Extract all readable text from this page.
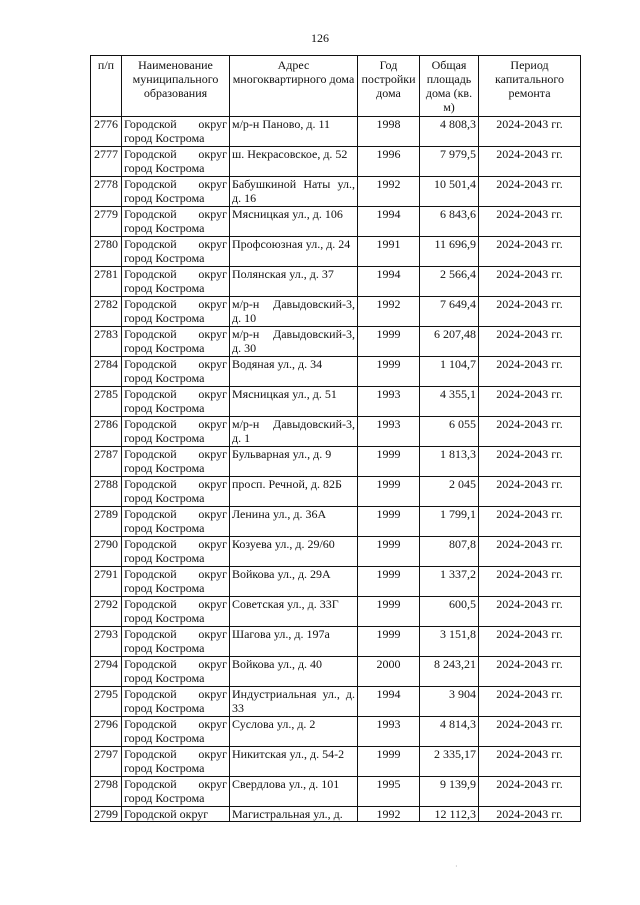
126
п/п	Наименование муниципального образования	Адрес многоквартирного дома	Год постройки дома	Общая площадь дома (кв. м)	Период капитального ремонта
2776	Городской округ город Кострома	м/р-н Паново, д. 11	1998	4 808,3	2024-2043 гг.
2777	Городской округ город Кострома	ш. Некрасовское, д. 52	1996	7 979,5	2024-2043 гг.
2778	Городской округ город Кострома	Бабушкиной Наты ул., д. 16	1992	10 501,4	2024-2043 гг.
2779	Городской округ город Кострома	Мясницкая ул., д. 106	1994	6 843,6	2024-2043 гг.
2780	Городской округ город Кострома	Профсоюзная ул., д. 24	1991	11 696,9	2024-2043 гг.
2781	Городской округ город Кострома	Полянская ул., д. 37	1994	2 566,4	2024-2043 гг.
2782	Городской округ город Кострома	м/р-н Давыдовский-3, д. 10	1992	7 649,4	2024-2043 гг.
2783	Городской округ город Кострома	м/р-н Давыдовский-3, д. 30	1999	6 207,48	2024-2043 гг.
2784	Городской округ город Кострома	Водяная ул., д. 34	1999	1 104,7	2024-2043 гг.
2785	Городской округ город Кострома	Мясницкая ул., д. 51	1993	4 355,1	2024-2043 гг.
2786	Городской округ город Кострома	м/р-н Давыдовский-3, д. 1	1993	6 055	2024-2043 гг.
2787	Городской округ город Кострома	Бульварная ул., д. 9	1999	1 813,3	2024-2043 гг.
2788	Городской округ город Кострома	просп. Речной, д. 82Б	1999	2 045	2024-2043 гг.
2789	Городской округ город Кострома	Ленина ул., д. 36А	1999	1 799,1	2024-2043 гг.
2790	Городской округ город Кострома	Козуева ул., д. 29/60	1999	807,8	2024-2043 гг.
2791	Городской округ город Кострома	Войкова ул., д. 29А	1999	1 337,2	2024-2043 гг.
2792	Городской округ город Кострома	Советская ул., д. 33Г	1999	600,5	2024-2043 гг.
2793	Городской округ город Кострома	Шагова ул., д. 197а	1999	3 151,8	2024-2043 гг.
2794	Городской округ город Кострома	Войкова ул., д. 40	2000	8 243,21	2024-2043 гг.
2795	Городской округ город Кострома	Индустриальная ул., д. 33	1994	3 904	2024-2043 гг.
2796	Городской округ город Кострома	Суслова ул., д. 2	1993	4 814,3	2024-2043 гг.
2797	Городской округ город Кострома	Никитская ул., д. 54-2	1999	2 335,17	2024-2043 гг.
2798	Городской округ город Кострома	Свердлова ул., д. 101	1995	9 139,9	2024-2043 гг.
2799	Городской округ	Магистральная ул., д.	1992	12 112,3	2024-2043 гг.
·
